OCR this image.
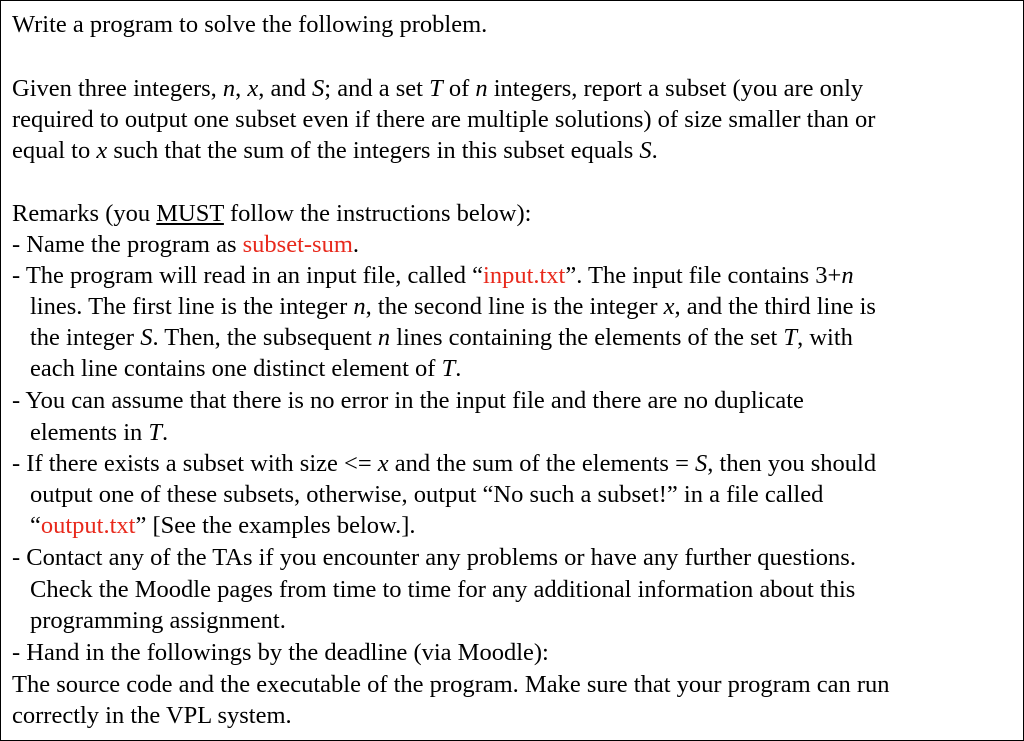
Write a program to solve the following problem.
Given three integers, n, x, and S; and a set T of n integers, report a subset (you are only
required to output one subset even if there are multiple solutions) of size smaller than or
equal to x such that the sum of the integers in this subset equals S.
Remarks (you MUST follow the instructions below):
- Name the program as subset-sum.
- The program will read in an input file, called “input.txt”. The input file contains 3+n
lines. The first line is the integer n, the second line is the integer x, and the third line is
the integer S. Then, the subsequent n lines containing the elements of the set T, with
each line contains one distinct element of T.
- You can assume that there is no error in the input file and there are no duplicate
elements in T.
- If there exists a subset with size <= x and the sum of the elements = S, then you should
output one of these subsets, otherwise, output “No such a subset!” in a file called
“output.txt” [See the examples below.].
- Contact any of the TAs if you encounter any problems or have any further questions.
Check the Moodle pages from time to time for any additional information about this
programming assignment.
- Hand in the followings by the deadline (via Moodle):
The source code and the executable of the program. Make sure that your program can run
correctly in the VPL system.
